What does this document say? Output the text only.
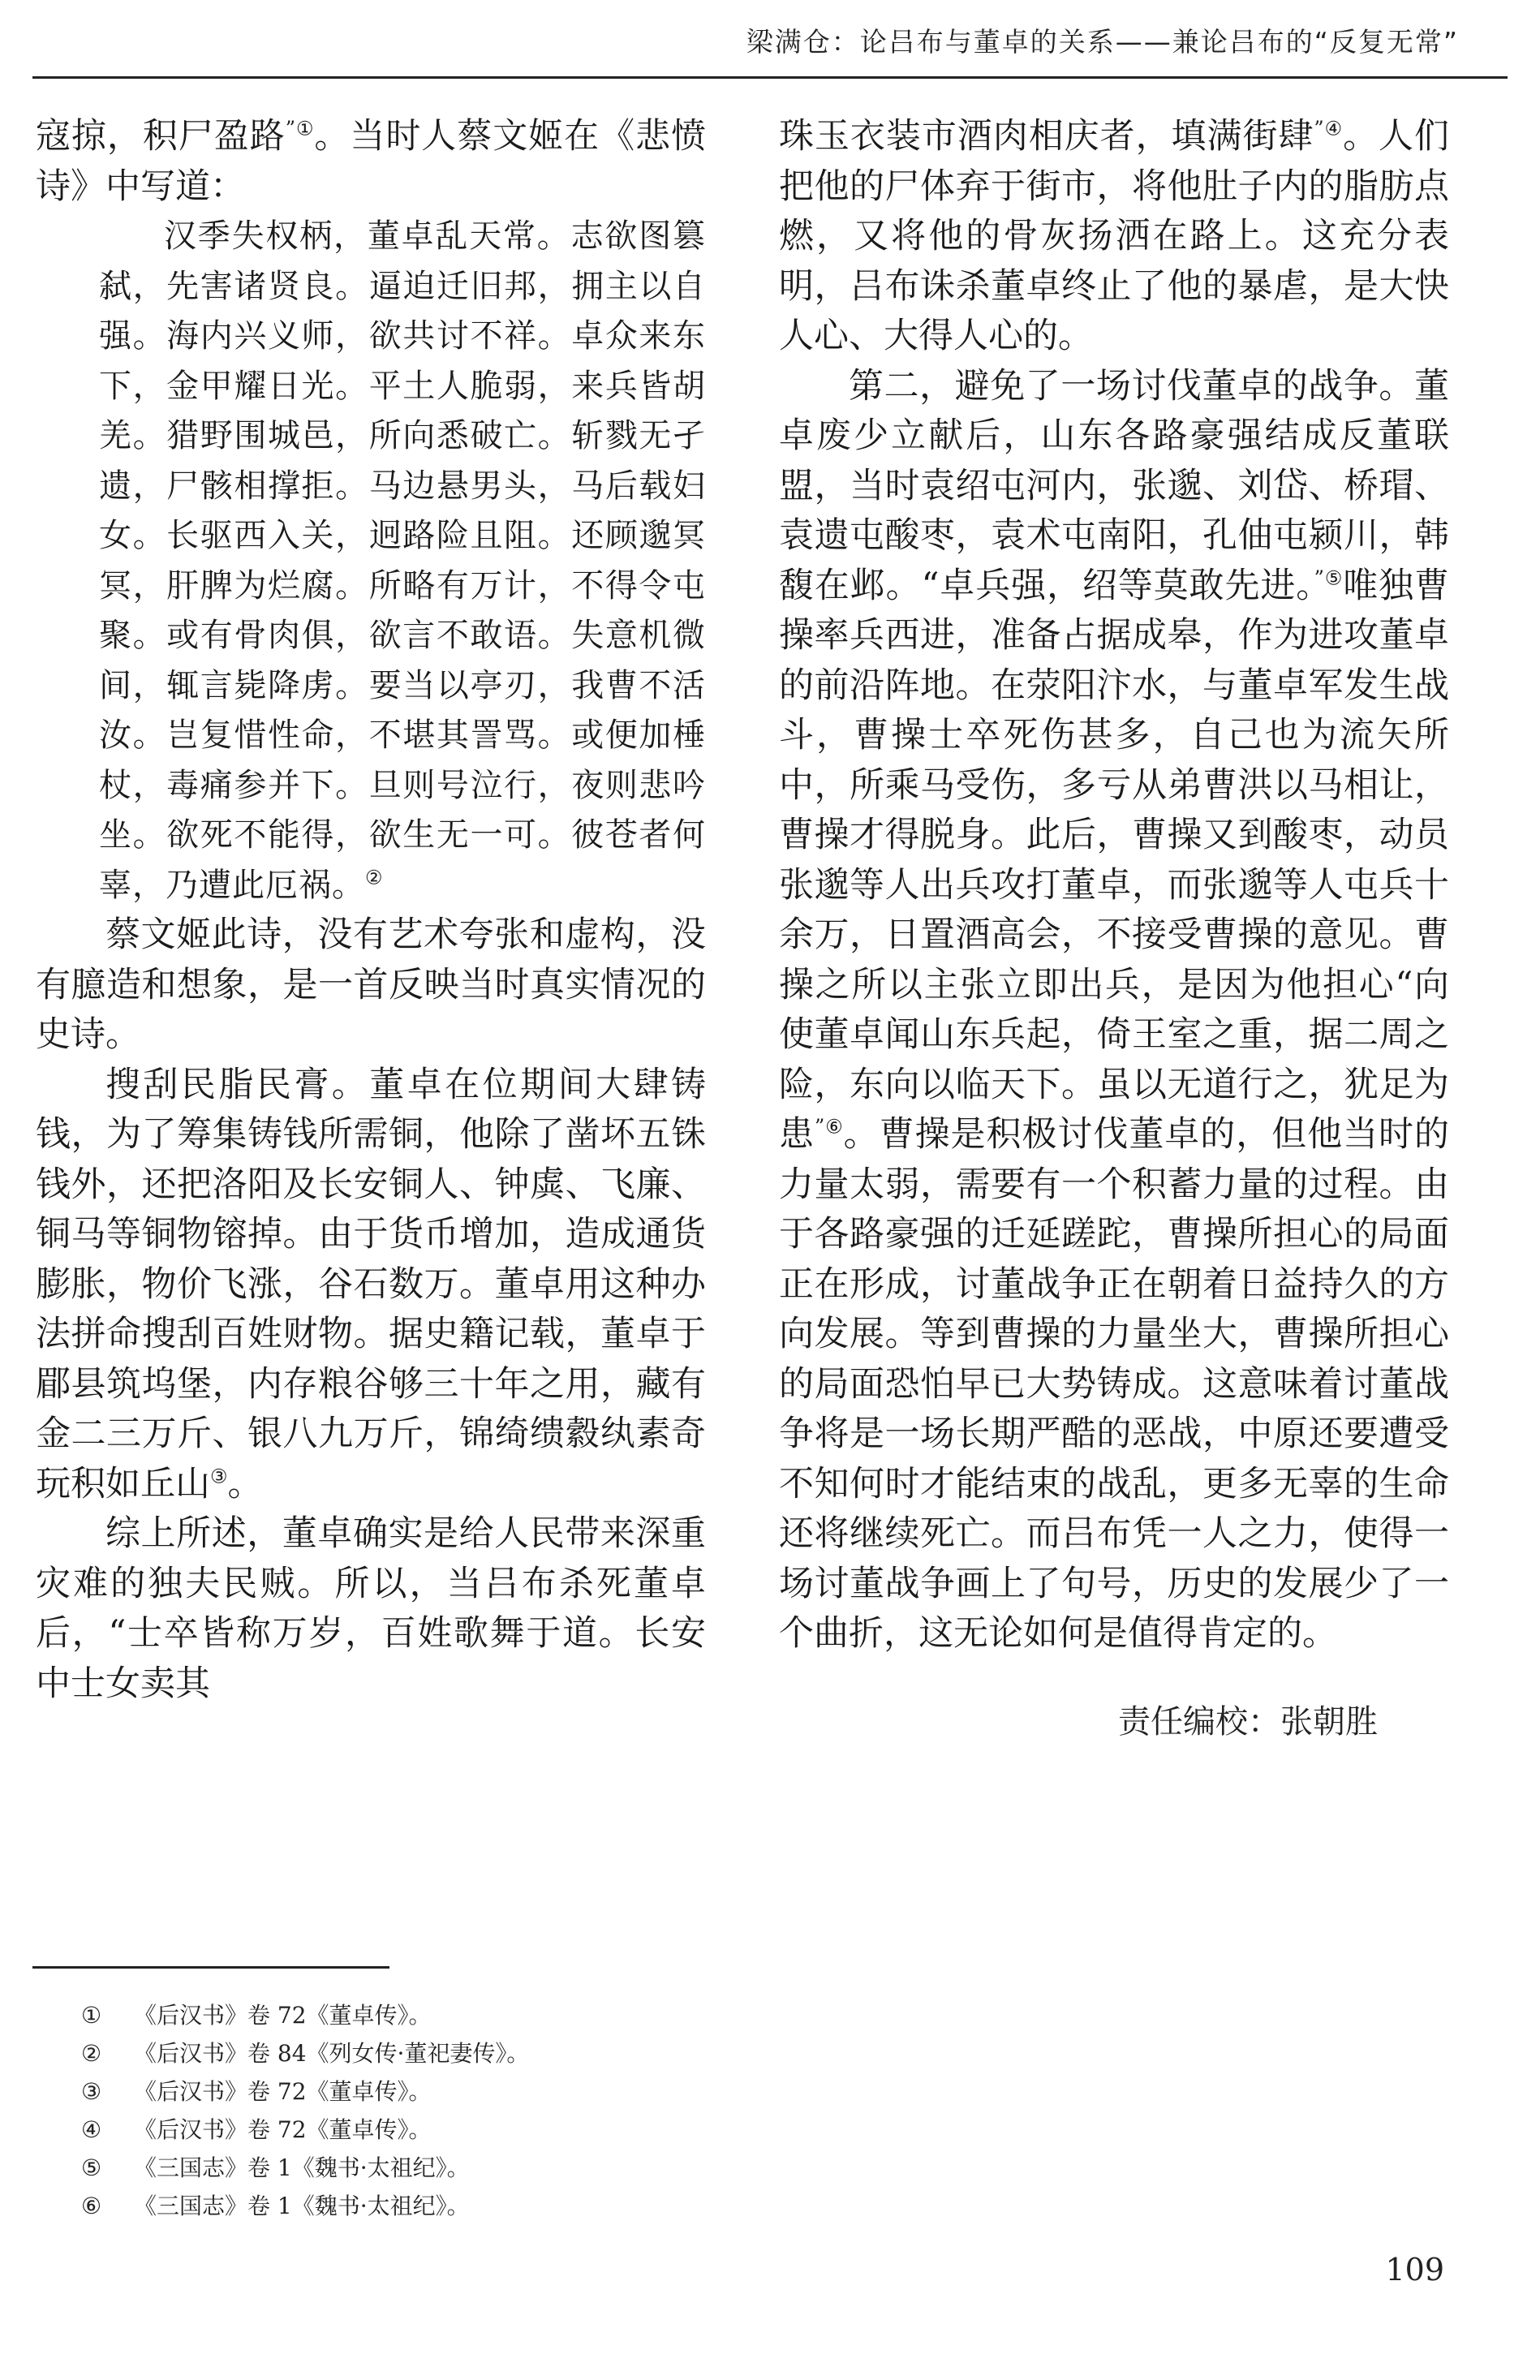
梁满仓：论吕布与董卓的关系——兼论吕布的“反复无常”

寇掠，积尸盈路”①。当时人蔡文姬在《悲愤诗》中写道：

汉季失权柄，董卓乱天常。志欲图篡弑，先害诸贤良。逼迫迁旧邦，拥主以自强。海内兴义师，欲共讨不祥。卓众来东下，金甲耀日光。平土人脆弱，来兵皆胡羌。猎野围城邑，所向悉破亡。斩戮无孑遗，尸骸相撑拒。马边悬男头，马后载妇女。长驱西入关，迥路险且阻。还顾邈冥冥，肝脾为烂腐。所略有万计，不得令屯聚。或有骨肉俱，欲言不敢语。失意机微间，辄言毙降虏。要当以亭刃，我曹不活汝。岂复惜性命，不堪其詈骂。或便加棰杖，毒痛参并下。旦则号泣行，夜则悲吟坐。欲死不能得，欲生无一可。彼苍者何辜，乃遭此厄祸。②

蔡文姬此诗，没有艺术夸张和虚构，没有臆造和想象，是一首反映当时真实情况的史诗。

搜刮民脂民膏。董卓在位期间大肆铸钱，为了筹集铸钱所需铜，他除了凿坏五铢钱外，还把洛阳及长安铜人、钟虡、飞廉、铜马等铜物镕掉。由于货币增加，造成通货膨胀，物价飞涨，谷石数万。董卓用这种办法拼命搜刮百姓财物。据史籍记载，董卓于郿县筑坞堡，内存粮谷够三十年之用，藏有金二三万斤、银八九万斤，锦绮缋縠纨素奇玩积如丘山③。

综上所述，董卓确实是给人民带来深重灾难的独夫民贼。所以，当吕布杀死董卓后，“士卒皆称万岁，百姓歌舞于道。长安中士女卖其

珠玉衣装市酒肉相庆者，填满街肆”④。人们把他的尸体弃于街市，将他肚子内的脂肪点燃，又将他的骨灰扬洒在路上。这充分表明，吕布诛杀董卓终止了他的暴虐，是大快人心、大得人心的。

第二，避免了一场讨伐董卓的战争。董卓废少立献后，山东各路豪强结成反董联盟，当时袁绍屯河内，张邈、刘岱、桥瑁、袁遗屯酸枣，袁术屯南阳，孔伷屯颍川，韩馥在邺。“卓兵强，绍等莫敢先进。”⑤唯独曹操率兵西进，准备占据成皋，作为进攻董卓的前沿阵地。在荥阳汴水，与董卓军发生战斗，曹操士卒死伤甚多，自己也为流矢所中，所乘马受伤，多亏从弟曹洪以马相让，曹操才得脱身。此后，曹操又到酸枣，动员张邈等人出兵攻打董卓，而张邈等人屯兵十余万，日置酒高会，不接受曹操的意见。曹操之所以主张立即出兵，是因为他担心“向使董卓闻山东兵起，倚王室之重，据二周之险，东向以临天下。虽以无道行之，犹足为患”⑥。曹操是积极讨伐董卓的，但他当时的力量太弱，需要有一个积蓄力量的过程。由于各路豪强的迁延蹉跎，曹操所担心的局面正在形成，讨董战争正在朝着日益持久的方向发展。等到曹操的力量坐大，曹操所担心的局面恐怕早已大势铸成。这意味着讨董战争将是一场长期严酷的恶战，中原还要遭受不知何时才能结束的战乱，更多无辜的生命还将继续死亡。而吕布凭一人之力，使得一场讨董战争画上了句号，历史的发展少了一个曲折，这无论如何是值得肯定的。

责任编校：张朝胜
①	《后汉书》卷 72《董卓传》。
②	《后汉书》卷 84《列女传·董祀妻传》。
③	《后汉书》卷 72《董卓传》。
④	《后汉书》卷 72《董卓传》。
⑤	《三国志》卷 1《魏书·太祖纪》。
⑥	《三国志》卷 1《魏书·太祖纪》。
109
